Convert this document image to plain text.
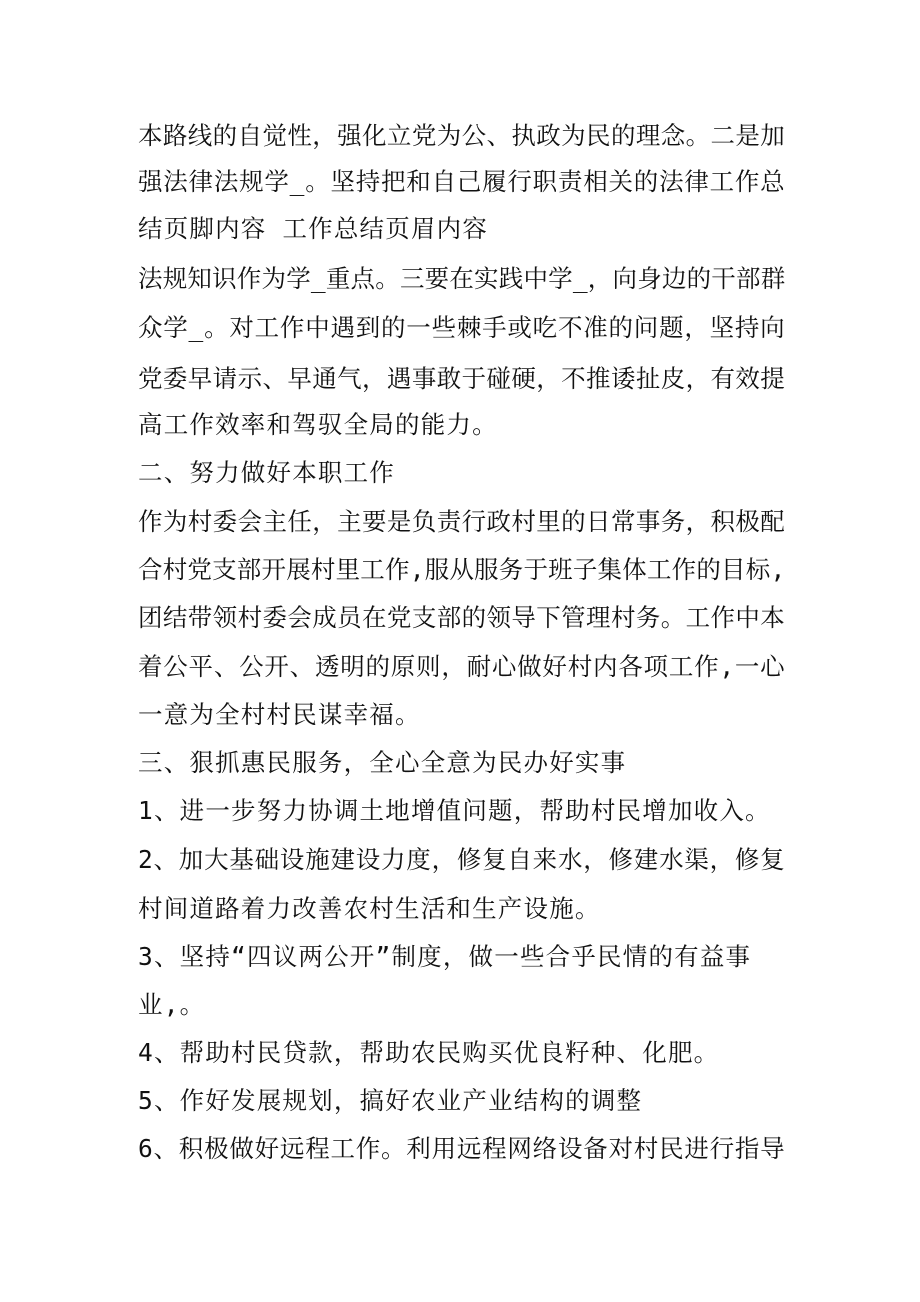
本路线的自觉性，强化立党为公、执政为民的理念。二是加
强法律法规学_。坚持把和自己履行职责相关的法律工作总
结页脚内容 工作总结页眉内容
法规知识作为学_重点。三要在实践中学_，向身边的干部群
众学_。对工作中遇到的一些棘手或吃不准的问题，坚持向
党委早请示、早通气，遇事敢于碰硬，不推诿扯皮，有效提
高工作效率和驾驭全局的能力。
二、努力做好本职工作
作为村委会主任，主要是负责行政村里的日常事务，积极配
合村党支部开展村里工作,服从服务于班子集体工作的目标,
团结带领村委会成员在党支部的领导下管理村务。工作中本
着公平、公开、透明的原则，耐心做好村内各项工作,一心
一意为全村村民谋幸福。
三、狠抓惠民服务，全心全意为民办好实事
1、进一步努力协调土地增值问题，帮助村民增加收入。
2、加大基础设施建设力度，修复自来水，修建水渠，修复
村间道路着力改善农村生活和生产设施。
3、坚持“四议两公开”制度，做一些合乎民情的有益事
业,。
4、帮助村民贷款，帮助农民购买优良籽种、化肥。
5、作好发展规划，搞好农业产业结构的调整
6、积极做好远程工作。利用远程网络设备对村民进行指导
